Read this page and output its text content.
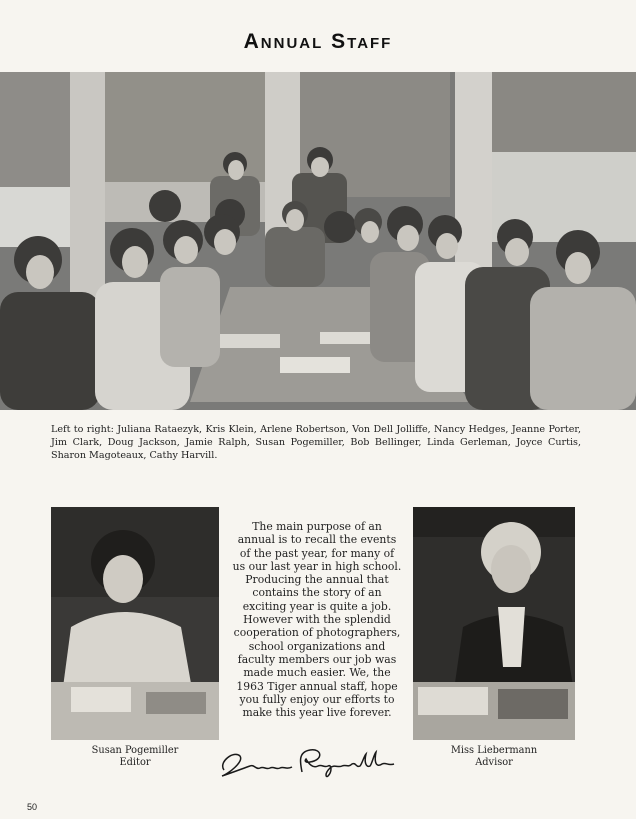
Annual Staff
Left to right: Juliana Rataezyk, Kris Klein, Arlene Robertson, Von Dell Jolliffe, Nancy Hedges, Jeanne Porter, Jim Clark, Doug Jackson, Jamie Ralph, Susan Pogemiller, Bob Bellinger, Linda Gerleman, Joyce Curtis, Sharon Magoteaux, Cathy Harvill.
The main purpose of an annual is to recall the events of the past year, for many of us our last year in high school. Producing the annual that contains the story of an exciting year is quite a job. However with the splendid cooperation of photographers, school organizations and faculty members our job was made much easier. We, the 1963 Tiger annual staff, hope you fully enjoy our efforts to make this year live forever.
Susan Pogemiller
Editor
Miss Liebermann
Advisor
50
